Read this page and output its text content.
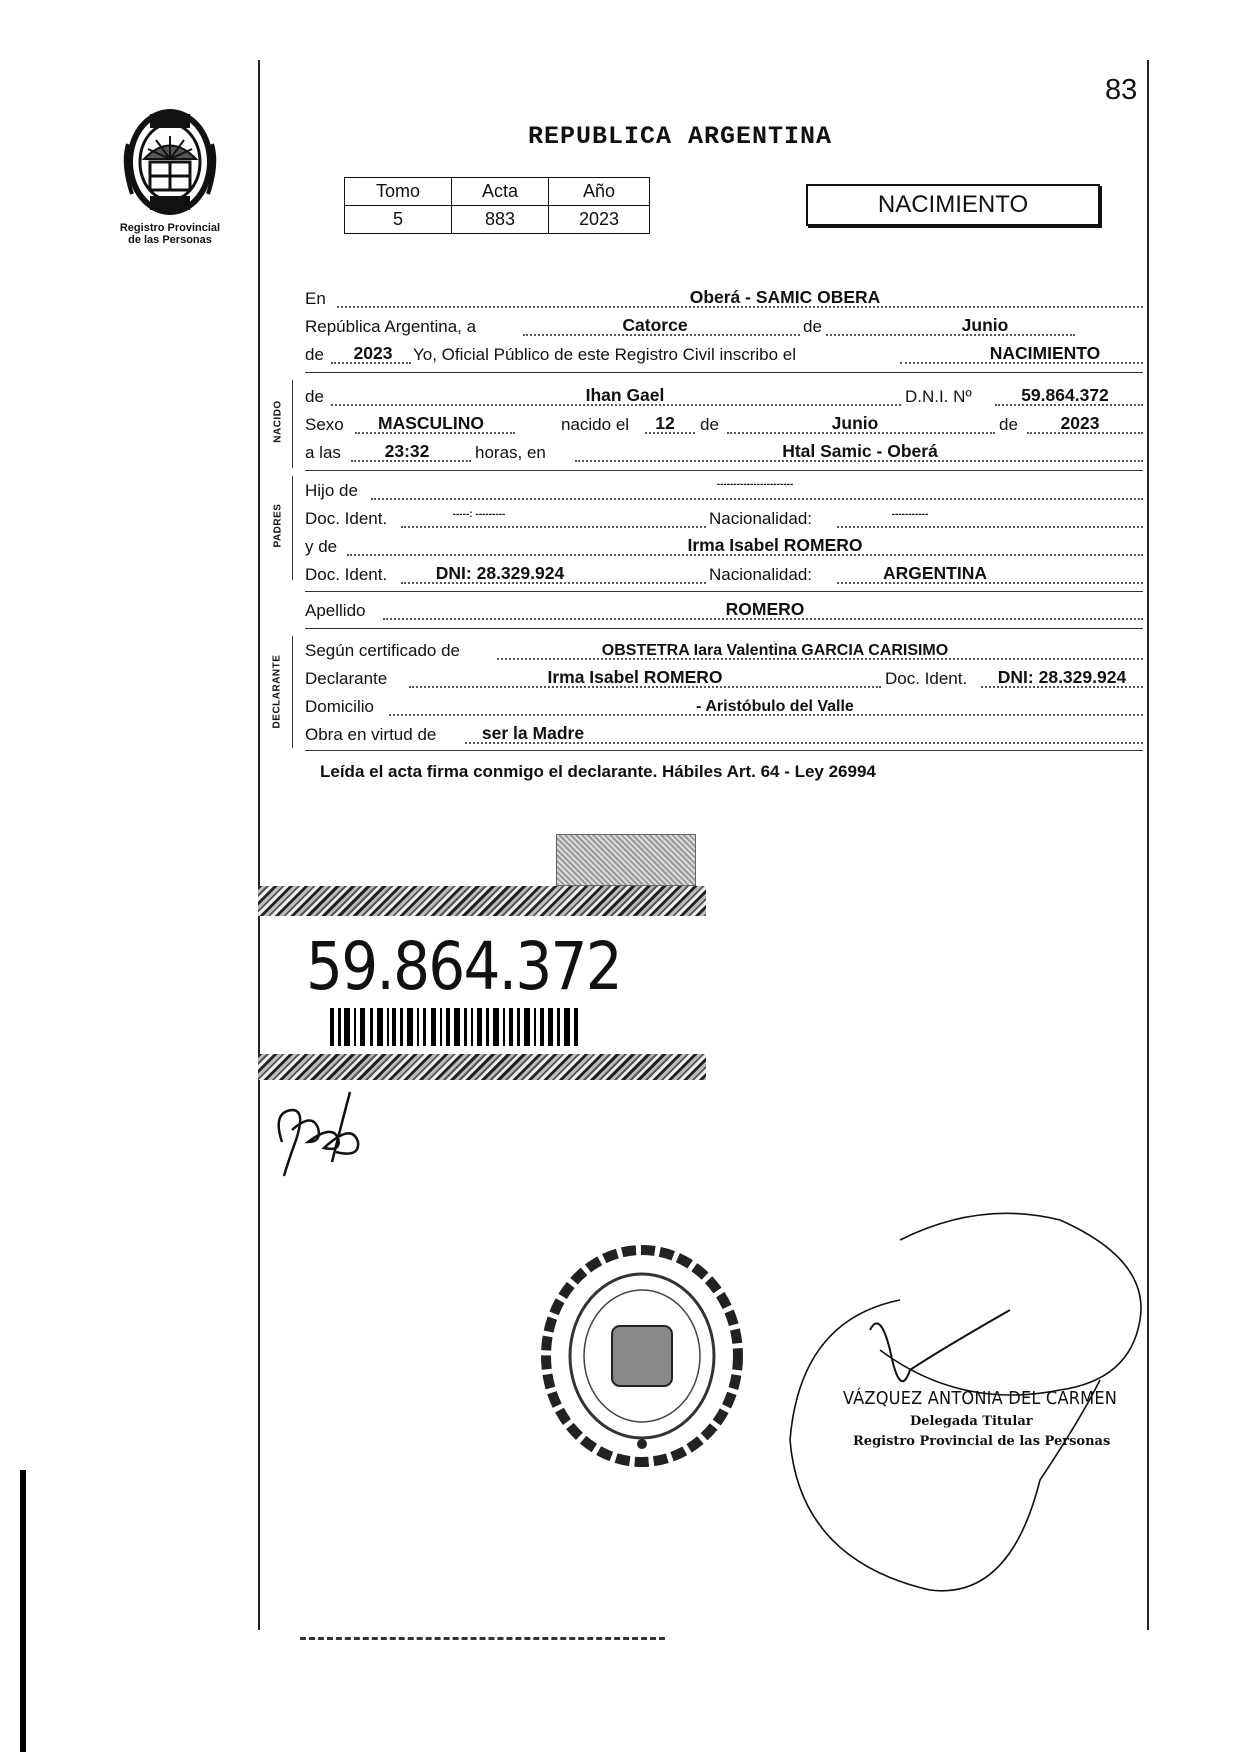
83
Registro Provincial
de las Personas
REPUBLICA ARGENTINA
Tomo	Acta	Año
5	883	2023
NACIMIENTO
En	Oberá - SAMIC OBERA
República Argentina, a	Catorce	de	Junio
de	2023	Yo, Oficial Público de este Registro Civil inscribo el	NACIMIENTO
NACIDO
de	Ihan Gael	D.N.I. Nº	59.864.372
Sexo	MASCULINO	nacido el	12	de	Junio	de	2023
a las	23:32	horas, en	Htal Samic - Oberá
PADRES
Hijo de	-----------------------
Doc. Ident.	-----: ---------	Nacionalidad:	-----------
y de	Irma Isabel ROMERO
Doc. Ident.	DNI: 28.329.924	Nacionalidad:	ARGENTINA
Apellido	ROMERO
DECLARANTE
Según certificado de	OBSTETRA Iara Valentina GARCIA CARISIMO
Declarante	Irma Isabel ROMERO	Doc. Ident.	DNI: 28.329.924
Domicilio	- Aristóbulo del Valle
Obra en virtud de	ser la Madre
Leída el acta firma conmigo el declarante. Hábiles Art. 64 - Ley 26994
59.864.372
VÁZQUEZ ANTONIA DEL CARMEN
Delegada Titular
Registro Provincial de las Personas
